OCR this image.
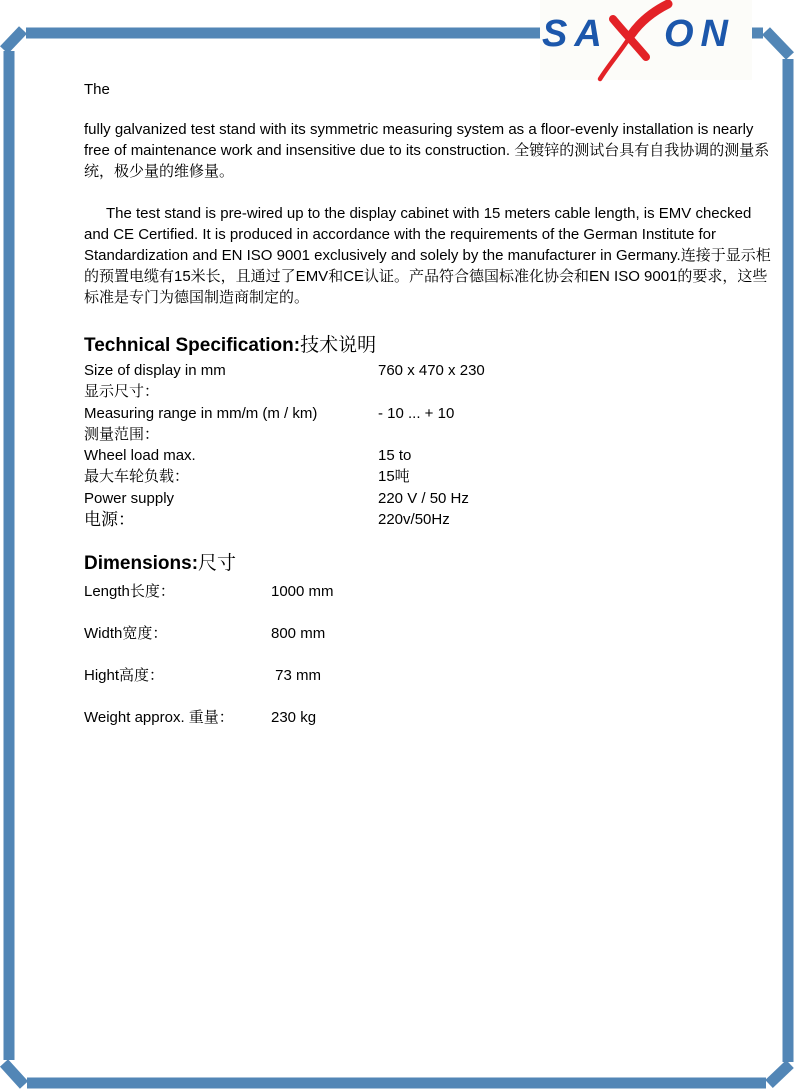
SA ON
The
fully galvanized test stand with its symmetric measuring system as a floor-evenly installation is nearly free of maintenance work and insensitive due to its construction. 全镀锌的测试台具有自我协调的测量系统，极少量的维修量。
The test stand is pre-wired up to the display cabinet with 15 meters cable length, is EMV checked and CE Certified. It is produced in accordance with the requirements of the German Institute for Standardization and EN ISO 9001 exclusively and solely by the manufacturer in Germany.连接于显示柜的预置电缆有15米长，且通过了EMV和CE认证。产品符合德国标准化协会和EN ISO 9001的要求，这些标准是专门为德国制造商制定的。
Technical Specification:技术说明
Size of display in mm	760 x 470 x 230
显示尺寸：
Measuring range in mm/m (m / km)	- 10 ... + 10
测量范围：
Wheel load max.	15 to
最大车轮负载：	15吨
Power supply	220 V / 50 Hz
电源：	220v/50Hz
Dimensions:尺寸
Length长度：	1000 mm
Width宽度：	800 mm
Hight高度：	73 mm
Weight approx. 重量：	230 kg
